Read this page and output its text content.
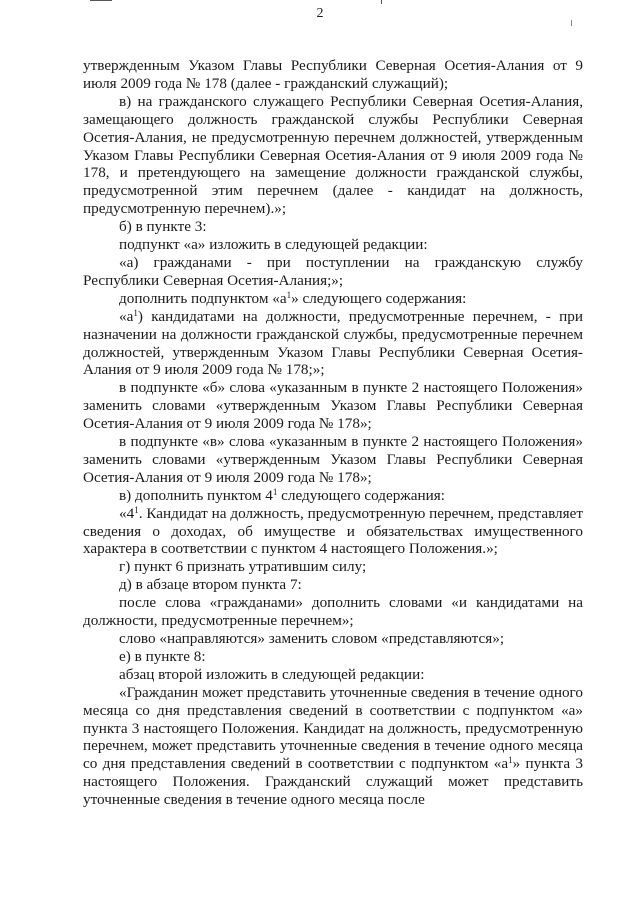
2

утвержденным Указом Главы Республики Северная Осетия-Алания от 9 июля 2009 года № 178 (далее - гражданский служащий);

в) на гражданского служащего Республики Северная Осетия-Алания, замещающего должность гражданской службы Республики Северная Осетия-Алания, не предусмотренную перечнем должностей, утвержденным Указом Главы Республики Северная Осетия-Алания от 9 июля 2009 года № 178, и претендующего на замещение должности гражданской службы, предусмотренной этим перечнем (далее - кандидат на должность, предусмотренную перечнем).»;

б) в пункте 3:

подпункт «а» изложить в следующей редакции:

«а) гражданами - при поступлении на гражданскую службу Республики Северная Осетия-Алания;»;

дополнить подпунктом «$а^1$» следующего содержания:

«$а^1$) кандидатами на должности, предусмотренные перечнем, - при назначении на должности гражданской службы, предусмотренные перечнем должностей, утвержденным Указом Главы Республики Северная Осетия-Алания от 9 июля 2009 года № 178;»;

в подпункте «б» слова «указанным в пункте 2 настоящего Положения» заменить словами «утвержденным Указом Главы Республики Северная Осетия-Алания от 9 июля 2009 года № 178»;

в подпункте «в» слова «указанным в пункте 2 настоящего Положения» заменить словами «утвержденным Указом Главы Республики Северная Осетия-Алания от 9 июля 2009 года № 178»;

в) дополнить пунктом $4^1$ следующего содержания:

«$4^1$. Кандидат на должность, предусмотренную перечнем, представляет сведения о доходах, об имуществе и обязательствах имущественного характера в соответствии с пунктом 4 настоящего Положения.»;

г) пункт 6 признать утратившим силу;

д) в абзаце втором пункта 7:

после слова «гражданами» дополнить словами «и кандидатами на должности, предусмотренные перечнем»;

слово «направляются» заменить словом «представляются»;

е) в пункте 8:

абзац второй изложить в следующей редакции:

«Гражданин может представить уточненные сведения в течение одного месяца со дня представления сведений в соответствии с подпунктом «а» пункта 3 настоящего Положения. Кандидат на должность, предусмотренную перечнем, может представить уточненные сведения в течение одного месяца со дня представления сведений в соответствии с подпунктом «$а^1$» пункта 3 настоящего Положения. Гражданский служащий может представить уточненные сведения в течение одного месяца после
